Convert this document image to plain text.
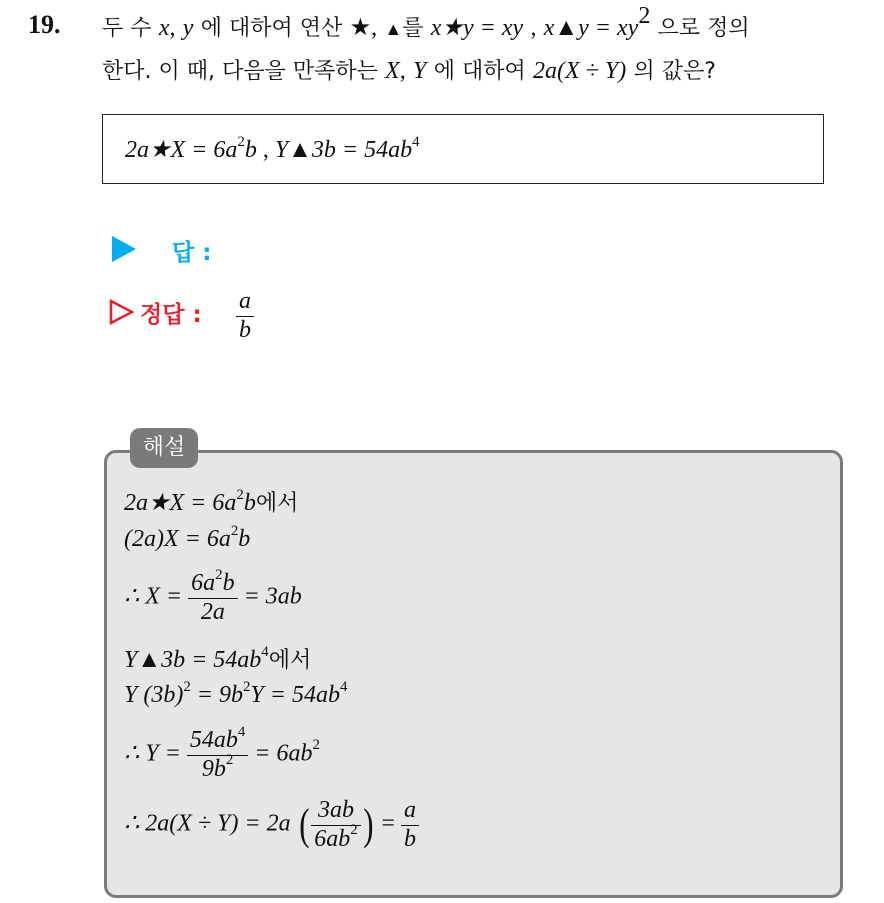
19. 두 수 x, y 에 대하여 연산 ★, ▲를 x★y = xy , x▲y = $xy^2$ 으로 정의
한다. 이 때, 다음을 만족하는 X, Y 에 대하여 2a(X ÷ Y) 의 값은?
2a★X = $6a^2b$ , Y▲3b = $54ab^4$
답 :
정답 : $\frac{a}{b}$
해설
2a★X = $6a^2b$에서
$(2a)X = 6a^2b$
∴ $X = \frac{6a^2b}{2a} = 3ab$
Y▲3b = $54ab^4$에서
Y $(3b)^2 = 9b^2Y = 54ab^4$
∴ $Y = \frac{54ab^4}{9b^2} = 6ab^2$
∴ 2a(X ÷ Y) = 2a ( $\frac{3ab}{6ab^2}$ ) = $\frac{a}{b}$
